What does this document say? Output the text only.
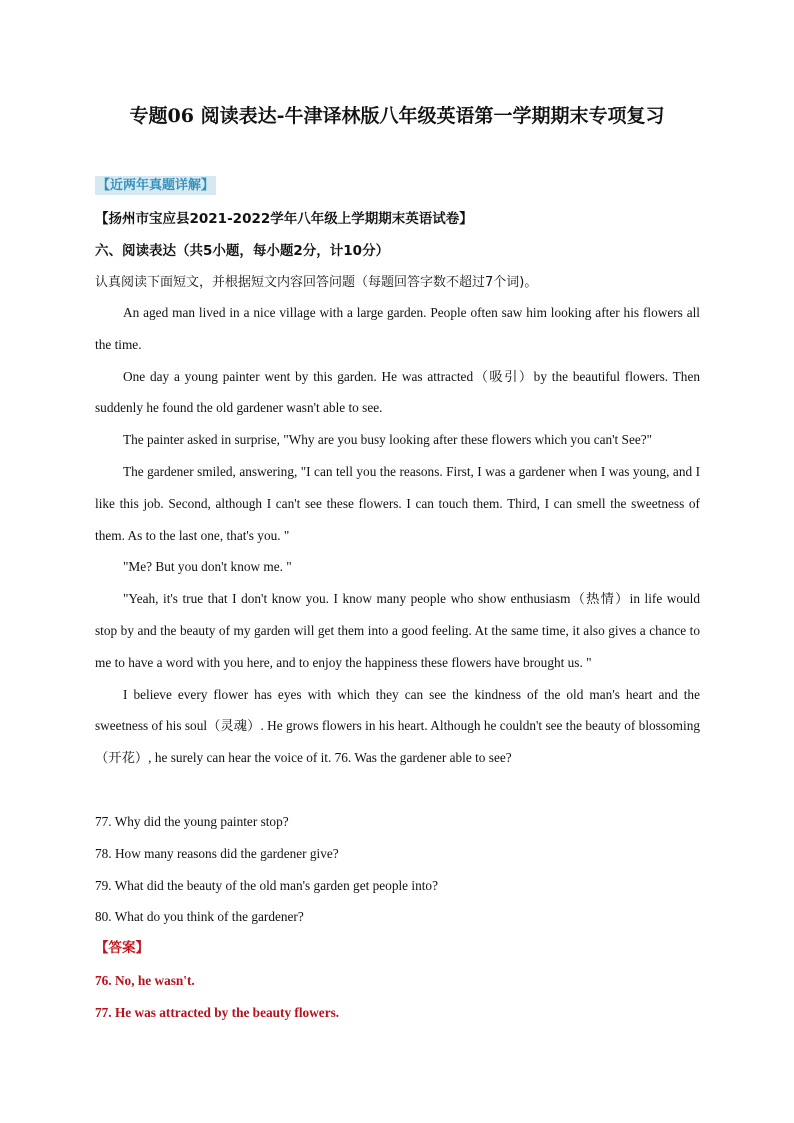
专题06 阅读表达-牛津译林版八年级英语第一学期期末专项复习
【近两年真题详解】
【扬州市宝应县2021-2022学年八年级上学期期末英语试卷】
六、阅读表达（共5小题，每小题2分，计10分）
认真阅读下面短文，并根据短文内容回答问题（每题回答字数不超过7个词)。

An aged man lived in a nice village with a large garden. People often saw him looking after his flowers all the time.

One day a young painter went by this garden. He was attracted（吸引）by the beautiful flowers. Then suddenly he found the old gardener wasn't able to see.

The painter asked in surprise, "Why are you busy looking after these flowers which you can't See?"

The gardener smiled, answering, "I can tell you the reasons. First, I was a gardener when I was young, and I like this job. Second, although I can't see these flowers. I can touch them. Third, I can smell the sweetness of them. As to the last one, that's you. "

"Me? But you don't know me. "

"Yeah, it's true that I don't know you. I know many people who show enthusiasm（热情）in life would stop by and the beauty of my garden will get them into a good feeling. At the same time, it also gives a chance to me to have a word with you here, and to enjoy the happiness these flowers have brought us. "

I believe every flower has eyes with which they can see the kindness of the old man's heart and the sweetness of his soul（灵魂）. He grows flowers in his heart. Although he couldn't see the beauty of blossoming （开花）, he surely can hear the voice of it. 76. Was the gardener able to see?

77. Why did the young painter stop?
78. How many reasons did the gardener give?
79. What did the beauty of the old man's garden get people into?
80. What do you think of the gardener?
【答案】
76. No, he wasn't.
77. He was attracted by the beauty flowers.
